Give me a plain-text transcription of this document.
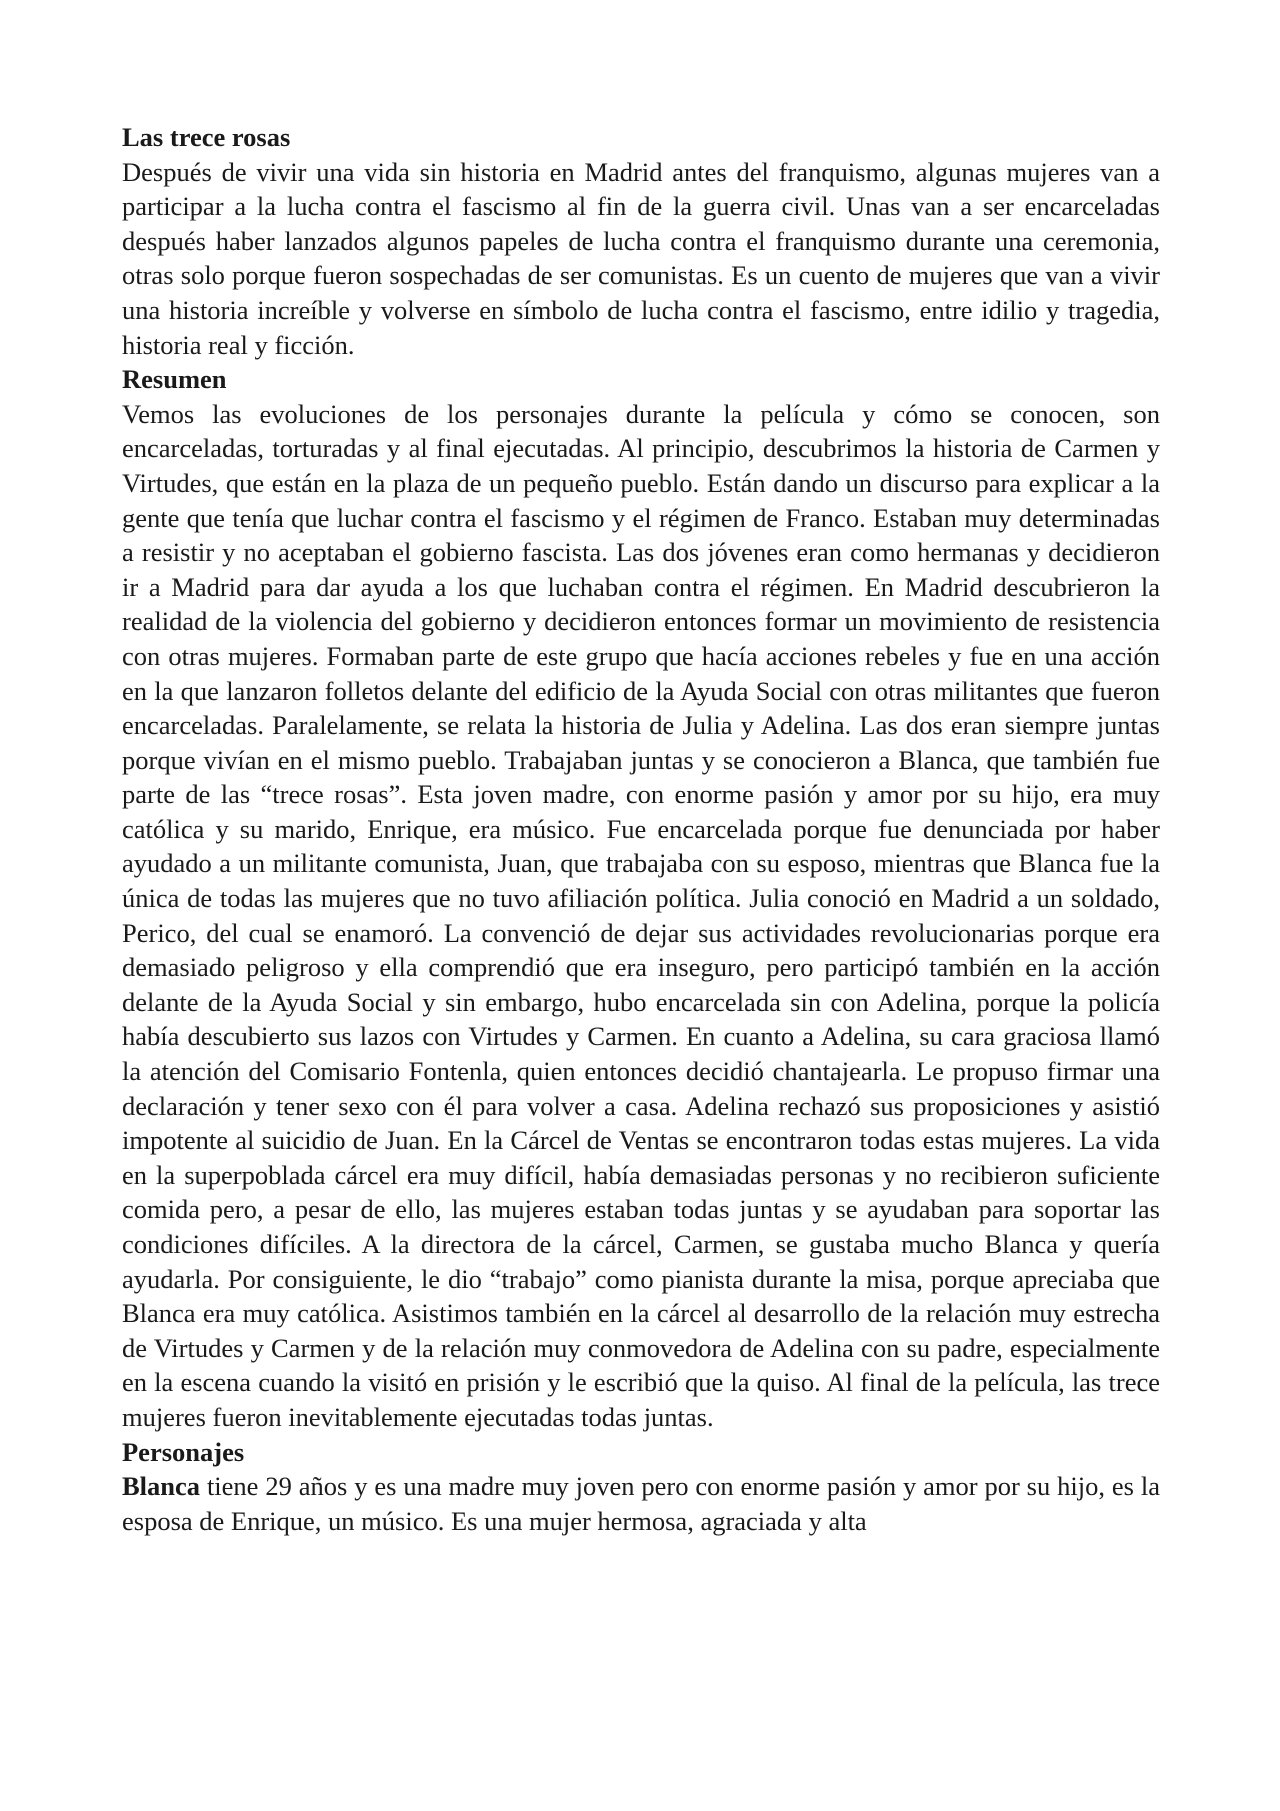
Las trece rosas

Después de vivir una vida sin historia en Madrid antes del franquismo, algunas mujeres van a participar a la lucha contra el fascismo al fin de la guerra civil. Unas van a ser encarceladas después haber lanzados algunos papeles de lucha contra el franquismo durante una ceremonia, otras solo porque fueron sospechadas de ser comunistas. Es un cuento de mujeres que van a vivir una historia increíble y volverse en símbolo de lucha contra el fascismo, entre idilio y tragedia, historia real y ficción.

Resumen

Vemos las evoluciones de los personajes durante la película y cómo se conocen, son encarceladas, torturadas y al final ejecutadas. Al principio, descubrimos la historia de Carmen y Virtudes, que están en la plaza de un pequeño pueblo. Están dando un discurso para explicar a la gente que tenía que luchar contra el fascismo y el régimen de Franco. Estaban muy determinadas a resistir y no aceptaban el gobierno fascista. Las dos jóvenes eran como hermanas y decidieron ir a Madrid para dar ayuda a los que luchaban contra el régimen. En Madrid descubrieron la realidad de la violencia del gobierno y decidieron entonces formar un movimiento de resistencia con otras mujeres. Formaban parte de este grupo que hacía acciones rebeles y fue en una acción en la que lanzaron folletos delante del edificio de la Ayuda Social con otras militantes que fueron encarceladas. Paralelamente, se relata la historia de Julia y Adelina. Las dos eran siempre juntas porque vivían en el mismo pueblo. Trabajaban juntas y se conocieron a Blanca, que también fue parte de las “trece rosas”. Esta joven madre, con enorme pasión y amor por su hijo, era muy católica y su marido, Enrique, era músico. Fue encarcelada porque fue denunciada por haber ayudado a un militante comunista, Juan, que trabajaba con su esposo, mientras que Blanca fue la única de todas las mujeres que no tuvo afiliación política. Julia conoció en Madrid a un soldado, Perico, del cual se enamoró. La convenció de dejar sus actividades revolucionarias porque era demasiado peligroso y ella comprendió que era inseguro, pero participó también en la acción delante de la Ayuda Social y sin embargo, hubo encarcelada sin con Adelina, porque la policía había descubierto sus lazos con Virtudes y Carmen. En cuanto a Adelina, su cara graciosa llamó la atención del Comisario Fontenla, quien entonces decidió chantajearla. Le propuso firmar una declaración y tener sexo con él para volver a casa. Adelina rechazó sus proposiciones y asistió impotente al suicidio de Juan. En la Cárcel de Ventas se encontraron todas estas mujeres. La vida en la superpoblada cárcel era muy difícil, había demasiadas personas y no recibieron suficiente comida pero, a pesar de ello, las mujeres estaban todas juntas y se ayudaban para soportar las condiciones difíciles. A la directora de la cárcel, Carmen, se gustaba mucho Blanca y quería ayudarla. Por consiguiente, le dio “trabajo” como pianista durante la misa, porque apreciaba que Blanca era muy católica. Asistimos también en la cárcel al desarrollo de la relación muy estrecha de Virtudes y Carmen y de la relación muy conmovedora de Adelina con su padre, especialmente en la escena cuando la visitó en prisión y le escribió que la quiso. Al final de la película, las trece mujeres fueron inevitablemente ejecutadas todas juntas.

Personajes

Blanca tiene 29 años y es una madre muy joven pero con enorme pasión y amor por su hijo, es la esposa de Enrique, un músico. Es una mujer hermosa, agraciada y alta
